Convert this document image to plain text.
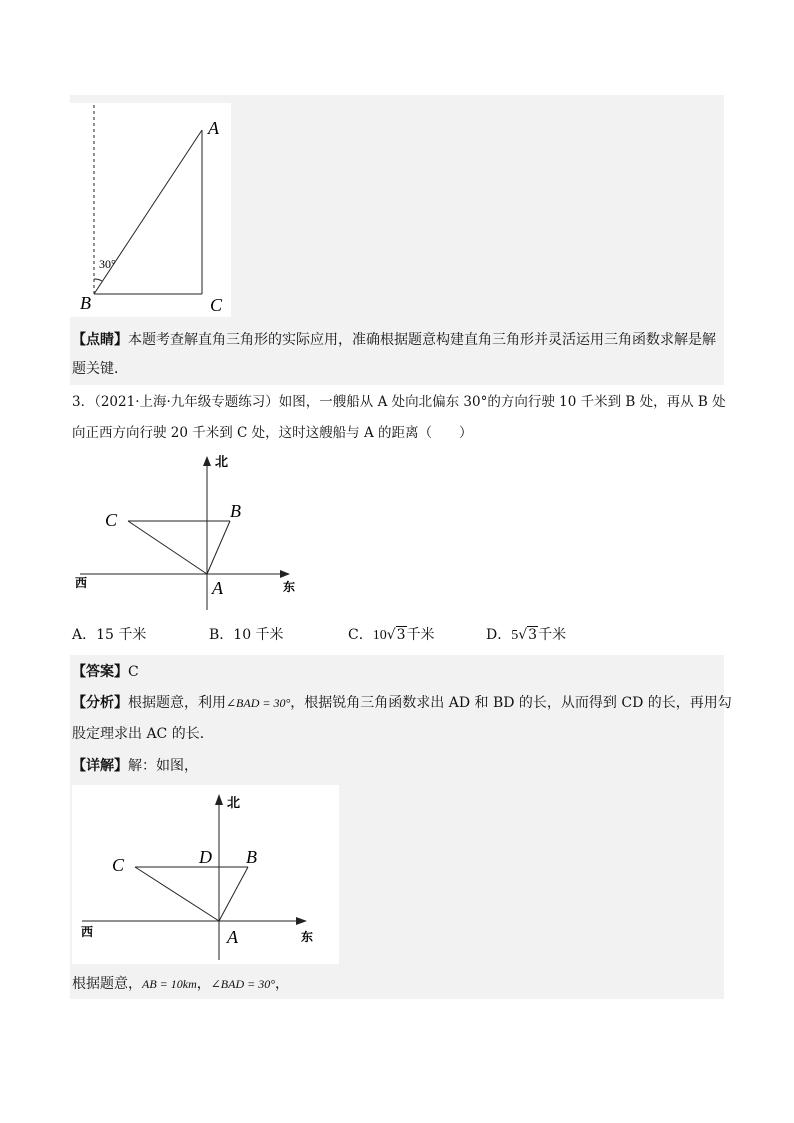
A
B	C
30°
【点睛】本题考查解直角三角形的实际应用，准确根据题意构建直角三角形并灵活运用三角函数求解是解
题关键．
3．（2021·上海·九年级专题练习）如图，一艘船从 A 处向北偏东 30°的方向行驶 10 千米到 B 处，再从 B 处
向正西方向行驶 20 千米到 C 处，这时这艘船与 A 的距离（　　）
北
西	东
C	B
A
A．15 千米	B．10 千米	C．10√3千米	D．5√3千米
【答案】C
【分析】根据题意，利用∠BAD = 30°，根据锐角三角函数求出 AD 和 BD 的长，从而得到 CD 的长，再用勾
股定理求出 AC 的长．
【详解】解：如图，
北
西	东
C	D B
A
根据题意，AB = 10km，∠BAD = 30°，
